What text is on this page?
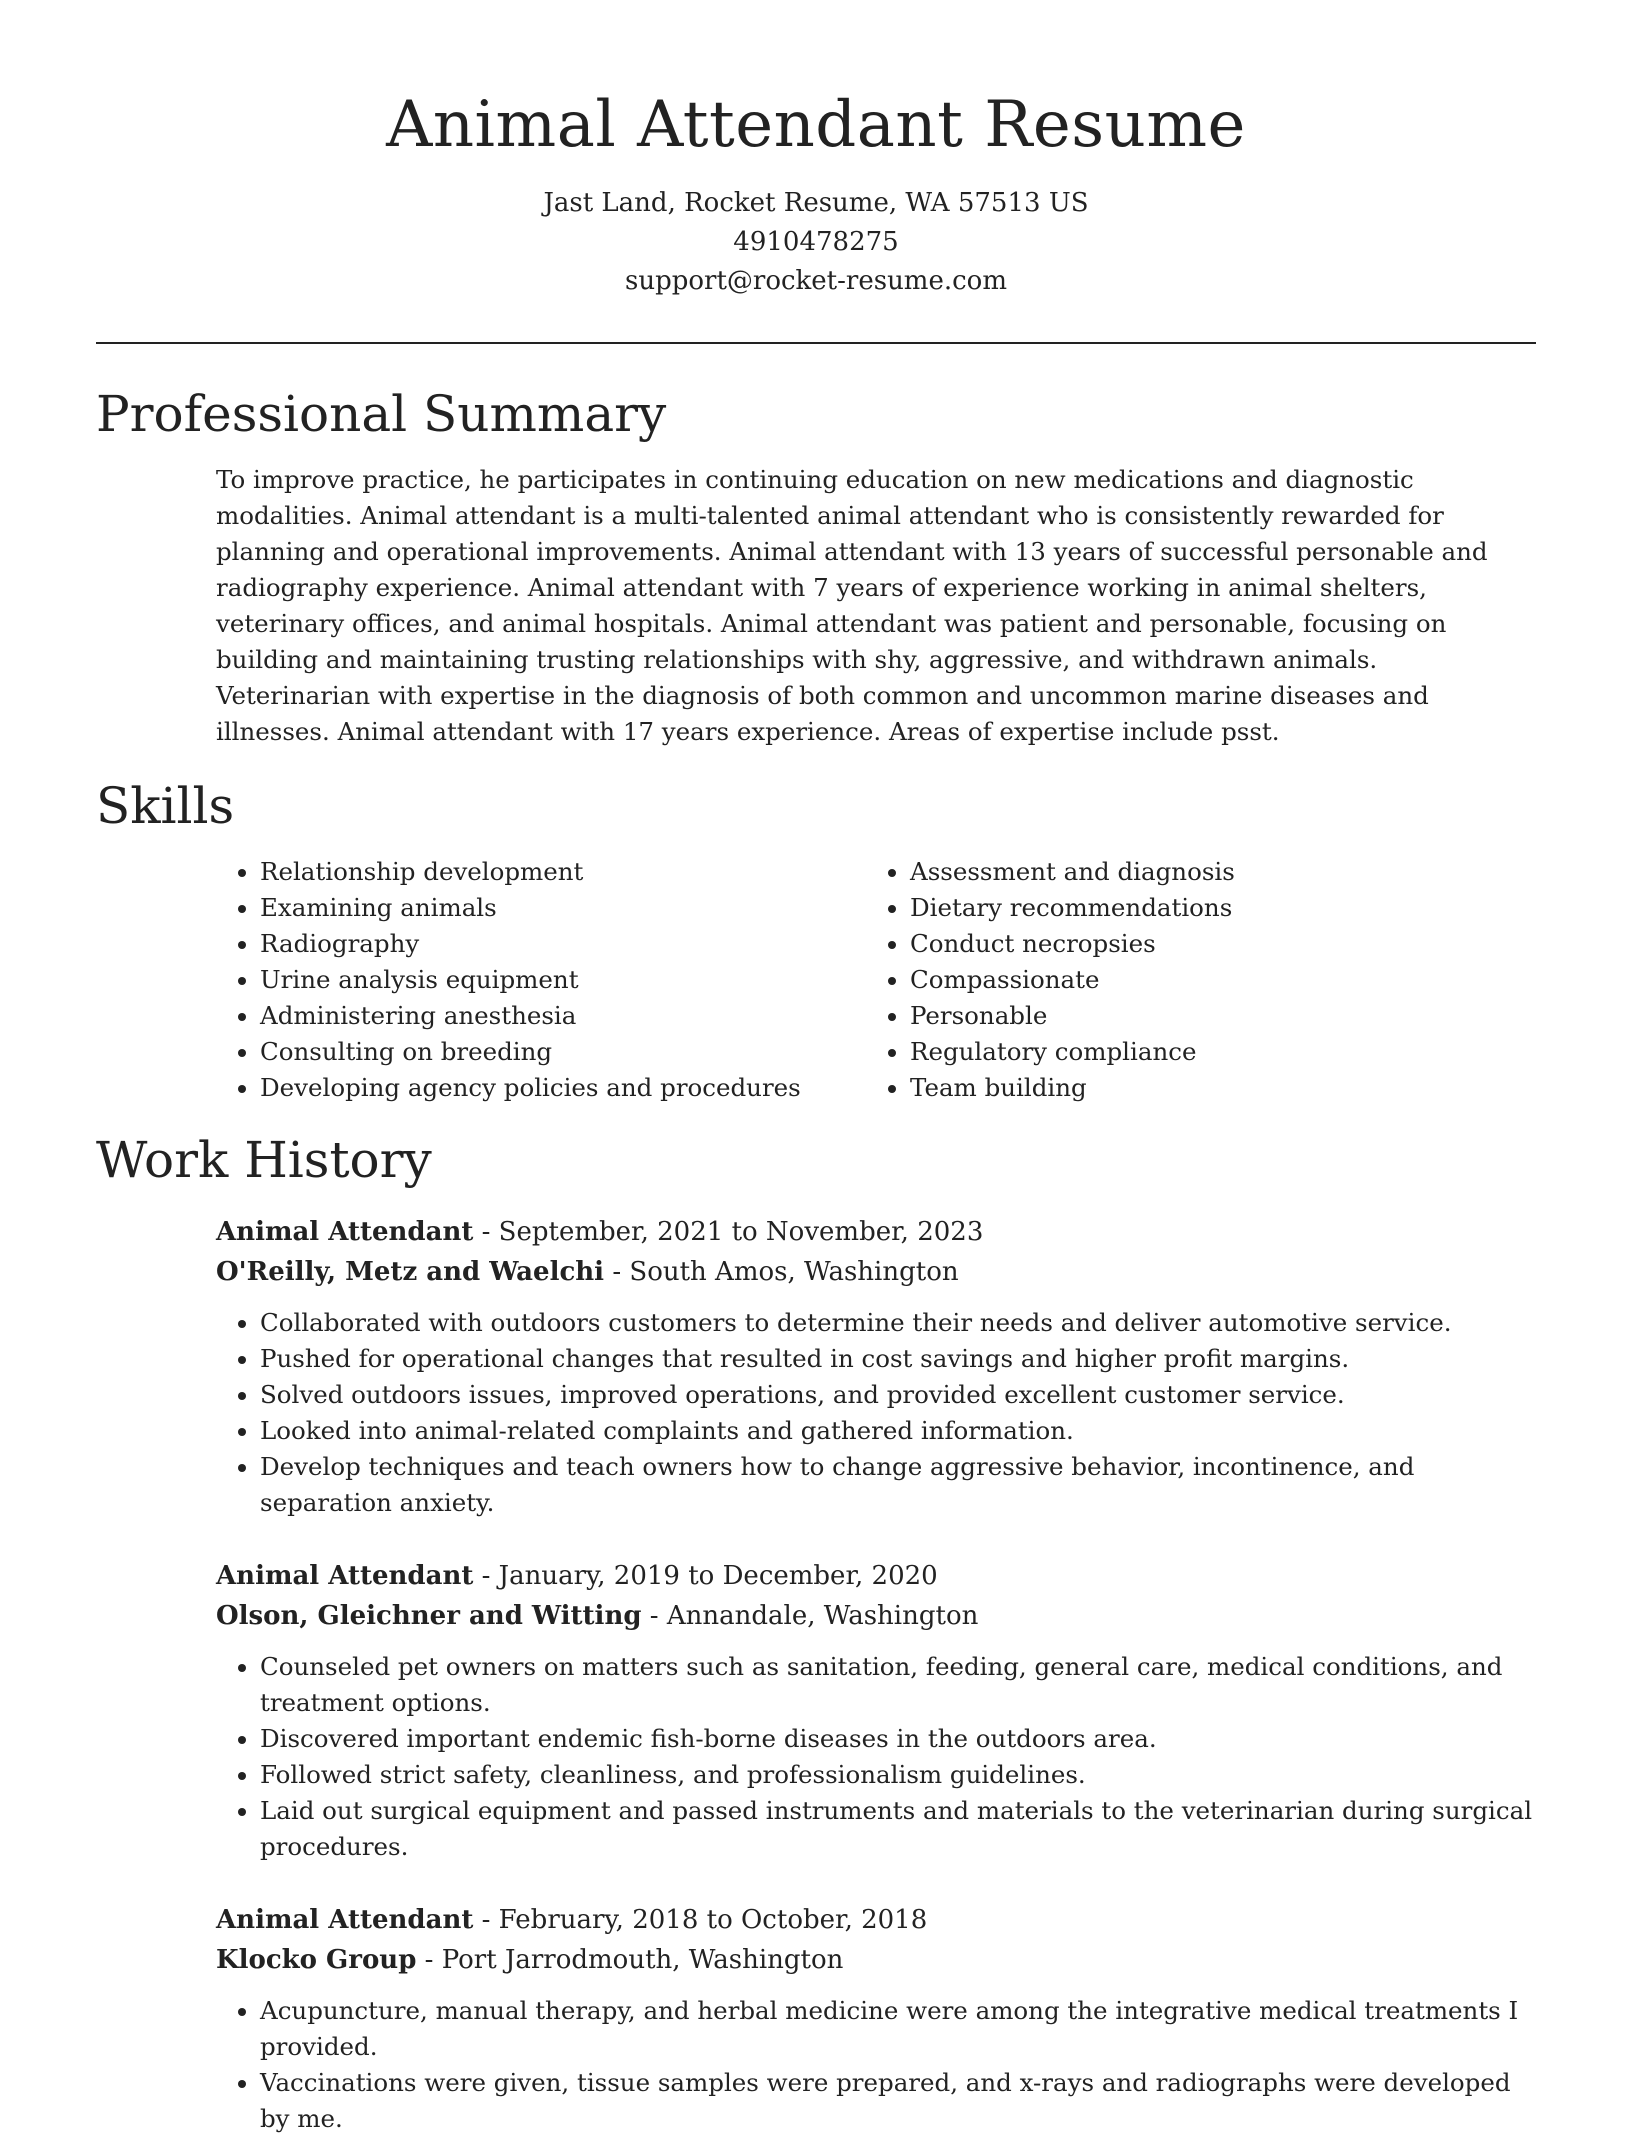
Animal Attendant Resume
Jast Land, Rocket Resume, WA 57513 US
4910478275
support@rocket-resume.com
Professional Summary

To improve practice, he participates in continuing education on new medications and diagnostic modalities. Animal attendant is a multi-talented animal attendant who is consistently rewarded for planning and operational improvements. Animal attendant with 13 years of successful personable and radiography experience. Animal attendant with 7 years of experience working in animal shelters, veterinary offices, and animal hospitals. Animal attendant was patient and personable, focusing on building and maintaining trusting relationships with shy, aggressive, and withdrawn animals. Veterinarian with expertise in the diagnosis of both common and uncommon marine diseases and illnesses. Animal attendant with 17 years experience. Areas of expertise include psst.

Skills
• Relationship development
• Examining animals
• Radiography
• Urine analysis equipment
• Administering anesthesia
• Consulting on breeding
• Developing agency policies and procedures
• Assessment and diagnosis
• Dietary recommendations
• Conduct necropsies
• Compassionate
• Personable
• Regulatory compliance
• Team building
Work History
Animal Attendant - September, 2021 to November, 2023
O'Reilly, Metz and Waelchi - South Amos, Washington
• Collaborated with outdoors customers to determine their needs and deliver automotive service.
• Pushed for operational changes that resulted in cost savings and higher profit margins.
• Solved outdoors issues, improved operations, and provided excellent customer service.
• Looked into animal-related complaints and gathered information.
• Develop techniques and teach owners how to change aggressive behavior, incontinence, and separation anxiety.
Animal Attendant - January, 2019 to December, 2020
Olson, Gleichner and Witting - Annandale, Washington
• Counseled pet owners on matters such as sanitation, feeding, general care, medical conditions, and treatment options.
• Discovered important endemic fish-borne diseases in the outdoors area.
• Followed strict safety, cleanliness, and professionalism guidelines.
• Laid out surgical equipment and passed instruments and materials to the veterinarian during surgical procedures.
Animal Attendant - February, 2018 to October, 2018
Klocko Group - Port Jarrodmouth, Washington
• Acupuncture, manual therapy, and herbal medicine were among the integrative medical treatments I provided.
• Vaccinations were given, tissue samples were prepared, and x-rays and radiographs were developed by me.
